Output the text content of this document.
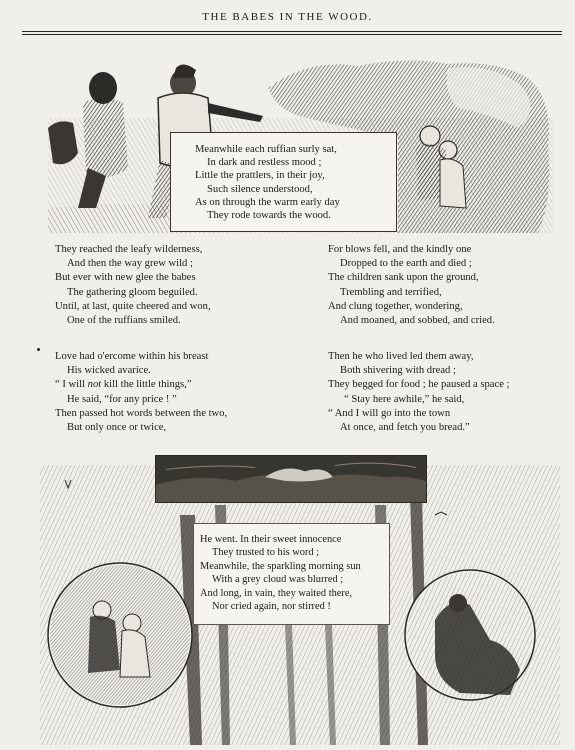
THE BABES IN THE WOOD.
Meanwhile each ruffian surly sat,
In dark and restless mood ;
Little the prattlers, in their joy,
Such silence understood,
As on through the warm early day
They rode towards the wood.
They reached the leafy wilderness,
And then the way grew wild ;
But ever with new glee the babes
The gathering gloom beguiled.
Until, at last, quite cheered and won,
One of the ruffians smiled.
Love had o'ercome within his breast
His wicked avarice.
“ I will not kill the little things,”
He said, “for any price ! ”
Then passed hot words between the two,
But only once or twice,
For blows fell, and the kindly one
Dropped to the earth and died ;
The children sank upon the ground,
Trembling and terrified,
And clung together, wondering,
And moaned, and sobbed, and cried.
Then he who lived led them away,
Both shivering with dread ;
They begged for food ; he paused a space ;
“ Stay here awhile,” he said,
“ And I will go into the town
At once, and fetch you bread.”
He went. In their sweet innocence
They trusted to his word ;
Meanwhile, the sparkling morning sun
With a grey cloud was blurred ;
And long, in vain, they waited there,
Nor cried again, nor stirred !
